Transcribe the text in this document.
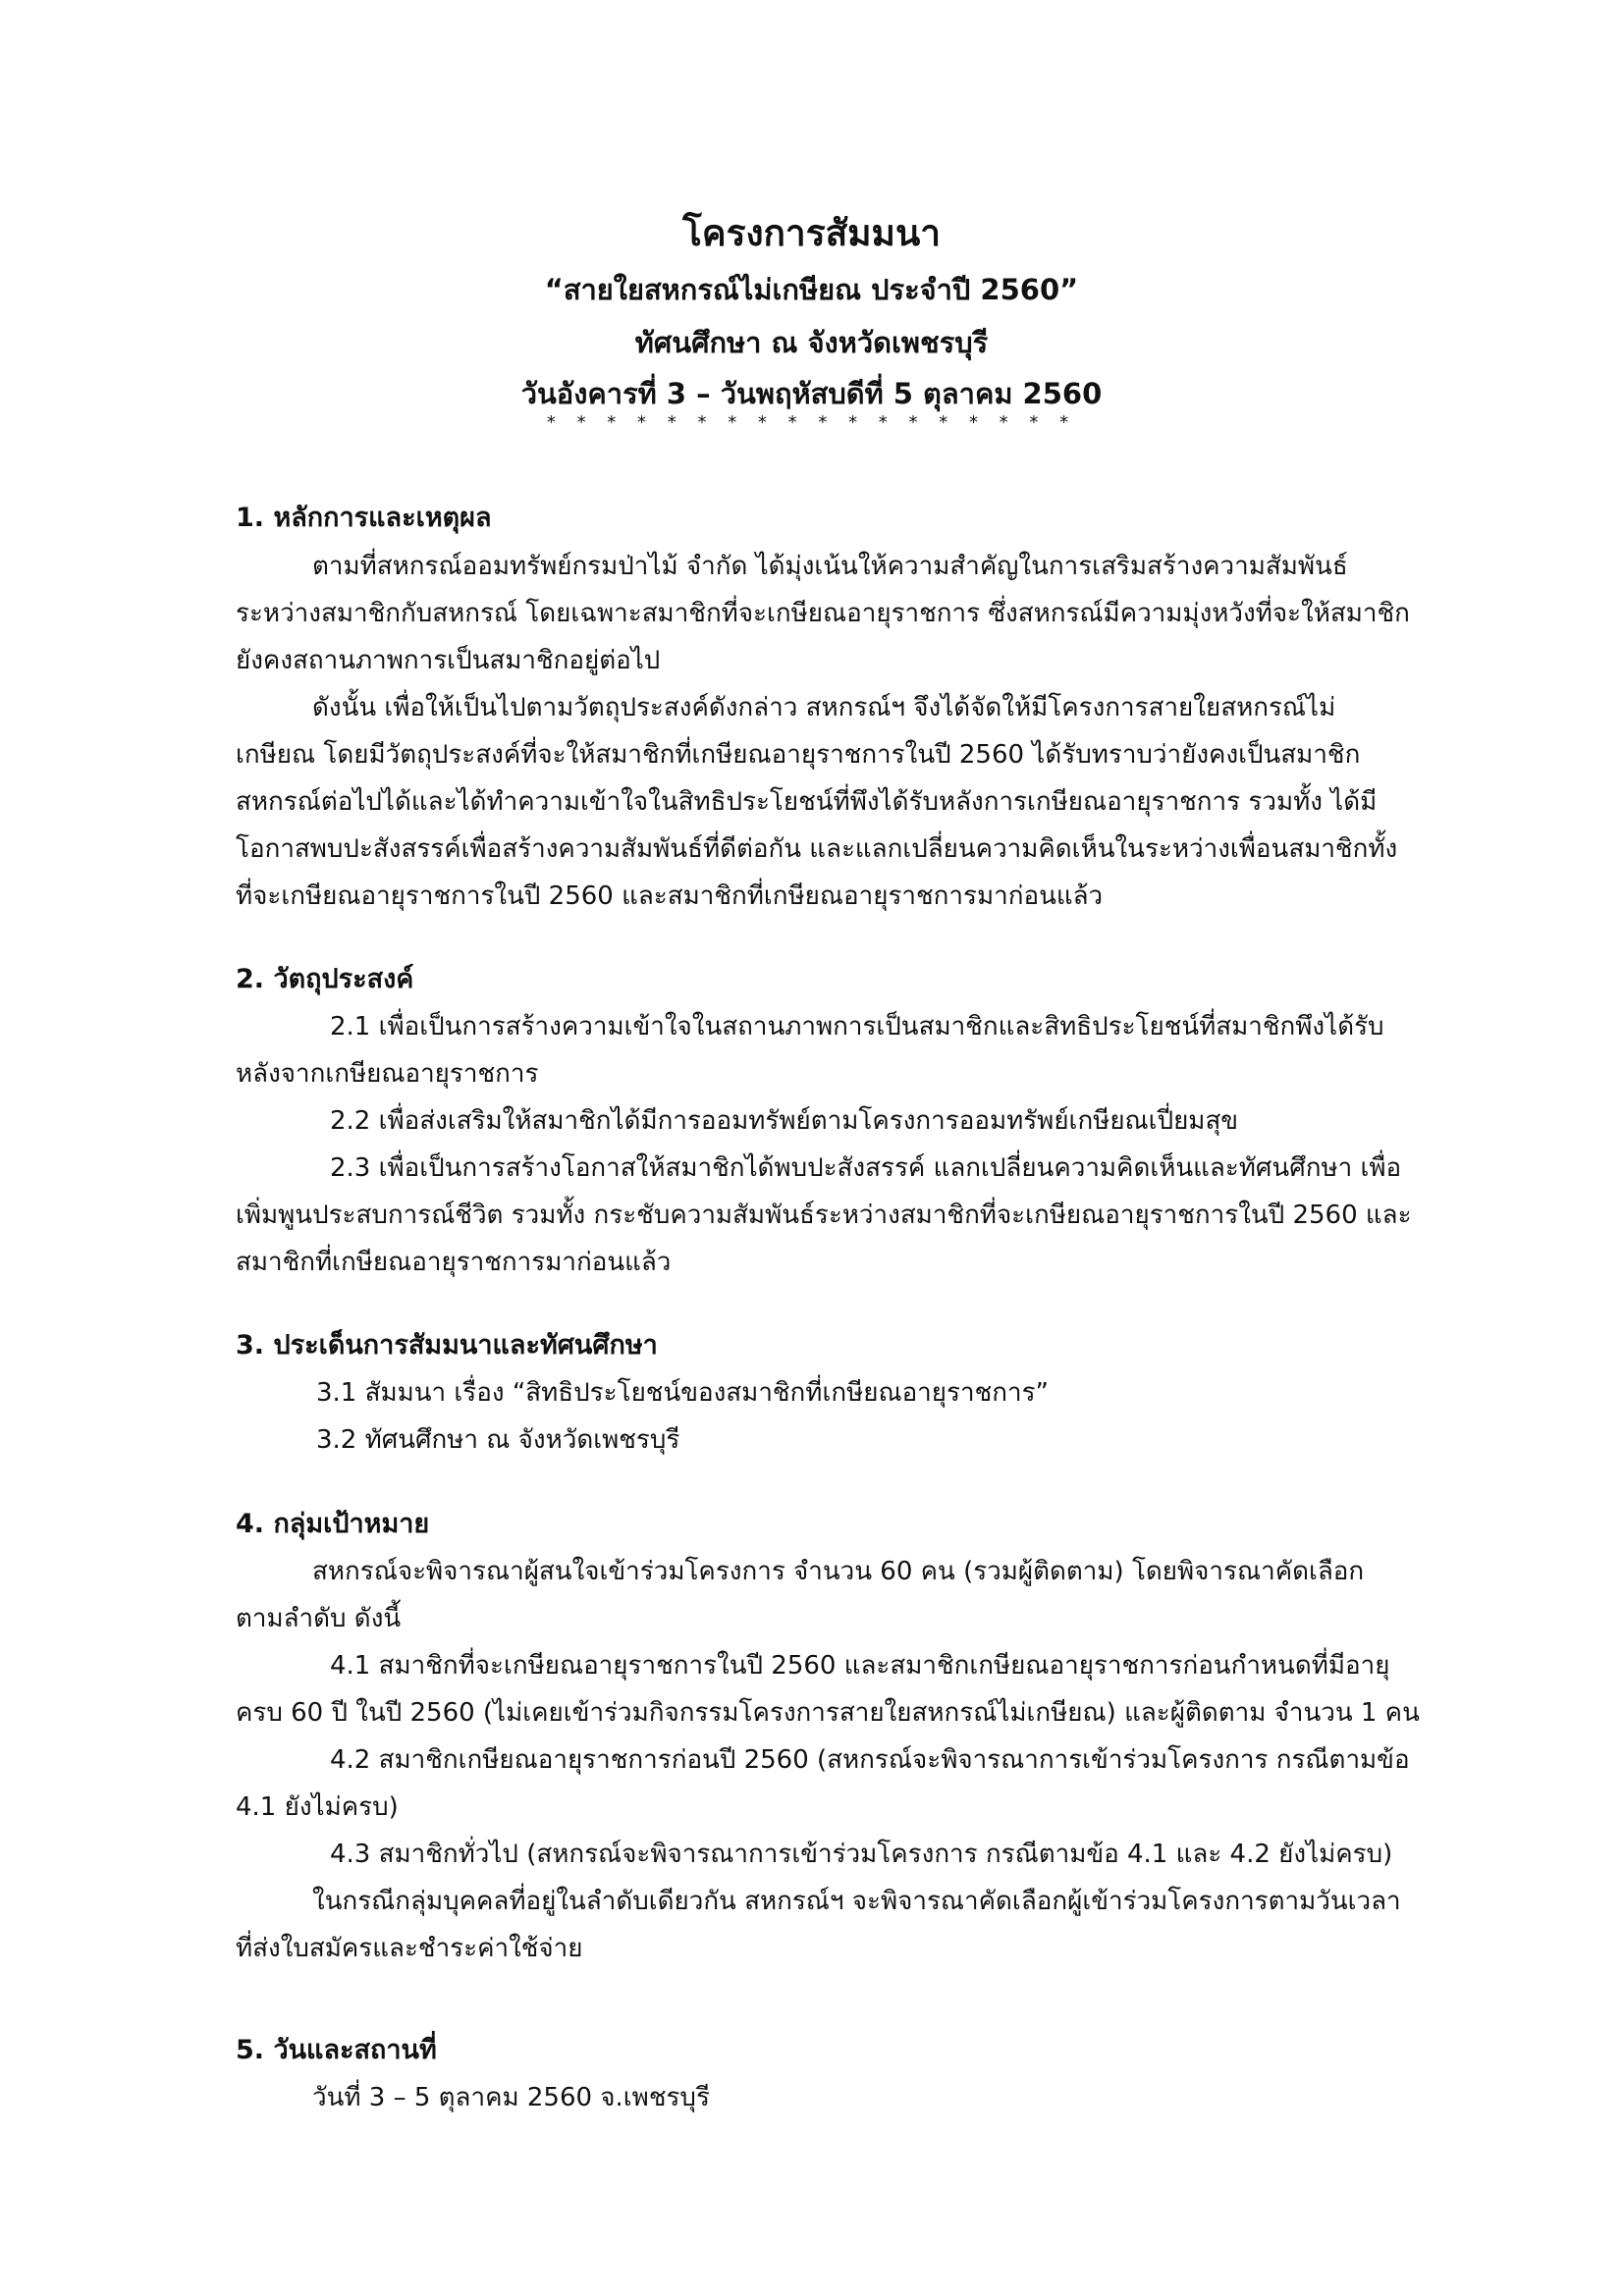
โครงการสัมมนา
“สายใยสหกรณ์ไม่เกษียณ ประจำปี 2560”
ทัศนศึกษา ณ จังหวัดเพชรบุรี
วันอังคารที่ 3 – วันพฤหัสบดีที่ 5 ตุลาคม 2560
* * * * * * * * * * * * * * * * * *
1. หลักการและเหตุผล
ตามที่สหกรณ์ออมทรัพย์กรมป่าไม้ จำกัด ได้มุ่งเน้นให้ความสำคัญในการเสริมสร้างความสัมพันธ์
ระหว่างสมาชิกกับสหกรณ์ โดยเฉพาะสมาชิกที่จะเกษียณอายุราชการ ซึ่งสหกรณ์มีความมุ่งหวังที่จะให้สมาชิก
ยังคงสถานภาพการเป็นสมาชิกอยู่ต่อไป
ดังนั้น เพื่อให้เป็นไปตามวัตถุประสงค์ดังกล่าว สหกรณ์ฯ จึงได้จัดให้มีโครงการสายใยสหกรณ์ไม่
เกษียณ โดยมีวัตถุประสงค์ที่จะให้สมาชิกที่เกษียณอายุราชการในปี 2560 ได้รับทราบว่ายังคงเป็นสมาชิก
สหกรณ์ต่อไปได้และได้ทำความเข้าใจในสิทธิประโยชน์ที่พึงได้รับหลังการเกษียณอายุราชการ รวมทั้ง ได้มี
โอกาสพบปะสังสรรค์เพื่อสร้างความสัมพันธ์ที่ดีต่อกัน และแลกเปลี่ยนความคิดเห็นในระหว่างเพื่อนสมาชิกทั้ง
ที่จะเกษียณอายุราชการในปี 2560 และสมาชิกที่เกษียณอายุราชการมาก่อนแล้ว
2. วัตถุประสงค์
2.1 เพื่อเป็นการสร้างความเข้าใจในสถานภาพการเป็นสมาชิกและสิทธิประโยชน์ที่สมาชิกพึงได้รับ
หลังจากเกษียณอายุราชการ
2.2 เพื่อส่งเสริมให้สมาชิกได้มีการออมทรัพย์ตามโครงการออมทรัพย์เกษียณเปี่ยมสุข
2.3 เพื่อเป็นการสร้างโอกาสให้สมาชิกได้พบปะสังสรรค์ แลกเปลี่ยนความคิดเห็นและทัศนศึกษา เพื่อ
เพิ่มพูนประสบการณ์ชีวิต รวมทั้ง กระชับความสัมพันธ์ระหว่างสมาชิกที่จะเกษียณอายุราชการในปี 2560 และ
สมาชิกที่เกษียณอายุราชการมาก่อนแล้ว
3. ประเด็นการสัมมนาและทัศนศึกษา
3.1 สัมมนา เรื่อง “สิทธิประโยชน์ของสมาชิกที่เกษียณอายุราชการ”
3.2 ทัศนศึกษา ณ จังหวัดเพชรบุรี
4. กลุ่มเป้าหมาย
สหกรณ์จะพิจารณาผู้สนใจเข้าร่วมโครงการ จำนวน 60 คน (รวมผู้ติดตาม) โดยพิจารณาคัดเลือก
ตามลำดับ ดังนี้
4.1 สมาชิกที่จะเกษียณอายุราชการในปี 2560 และสมาชิกเกษียณอายุราชการก่อนกำหนดที่มีอายุ
ครบ 60 ปี ในปี 2560 (ไม่เคยเข้าร่วมกิจกรรมโครงการสายใยสหกรณ์ไม่เกษียณ) และผู้ติดตาม จำนวน 1 คน
4.2 สมาชิกเกษียณอายุราชการก่อนปี 2560 (สหกรณ์จะพิจารณาการเข้าร่วมโครงการ กรณีตามข้อ
4.1 ยังไม่ครบ)
4.3 สมาชิกทั่วไป (สหกรณ์จะพิจารณาการเข้าร่วมโครงการ กรณีตามข้อ 4.1 และ 4.2 ยังไม่ครบ)
ในกรณีกลุ่มบุคคลที่อยู่ในลำดับเดียวกัน สหกรณ์ฯ จะพิจารณาคัดเลือกผู้เข้าร่วมโครงการตามวันเวลา
ที่ส่งใบสมัครและชำระค่าใช้จ่าย
5. วันและสถานที่
วันที่ 3 – 5 ตุลาคม 2560 จ.เพชรบุรี
